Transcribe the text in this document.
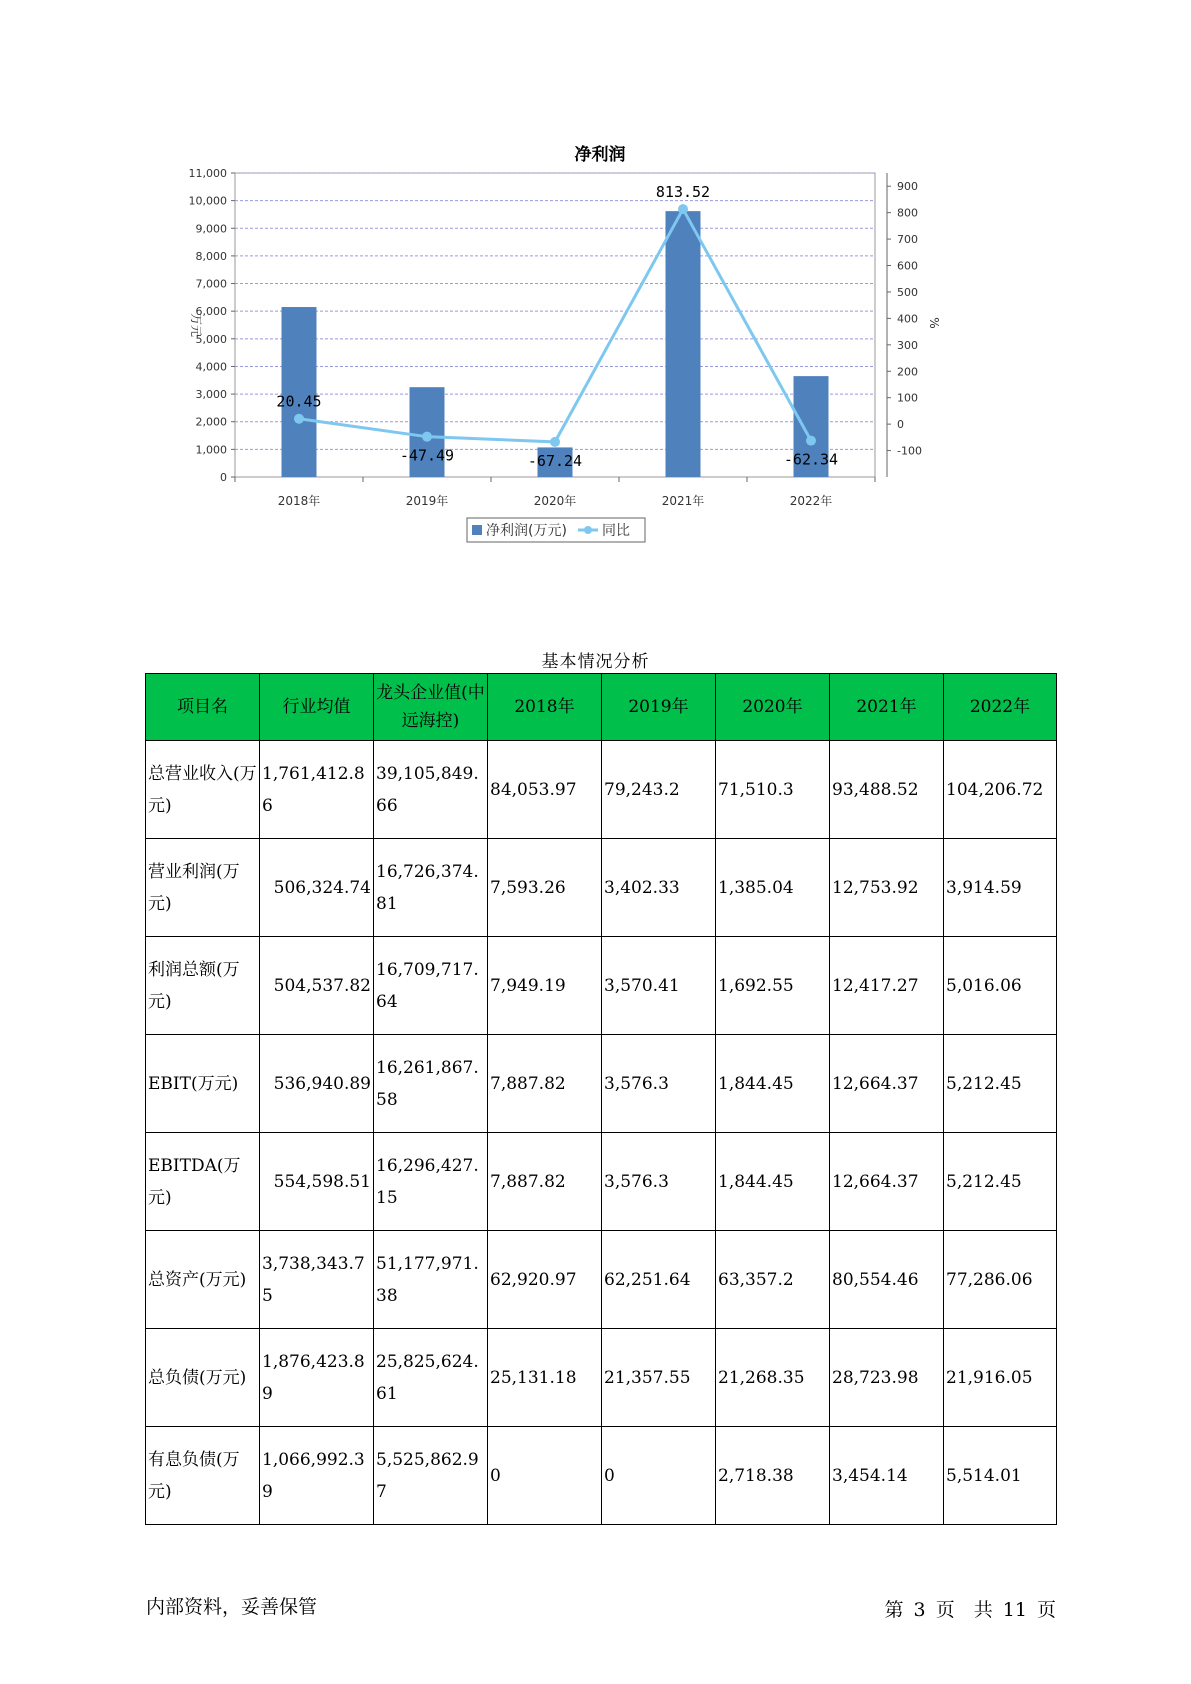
净利润
0
1,000
2,000
3,000
4,000
5,000
6,000
7,000
8,000
9,000
10,000
11,000
-100
0
100
200
300
400
500
600
700
800
900
2018年	2019年	2020年	2021年	2022年
20.45
-47.49	-67.24
813.52
-62.34
万元	%
净利润(万元)	同比
基本情况分析
项目名	行业均值	龙头企业值(中远海控)	2018年	2019年	2020年	2021年	2022年
总营业收入(万元)	1,761,412.86	39,105,849.66	84,053.97	79,243.2	71,510.3	93,488.52	104,206.72
营业利润(万元)	506,324.74	16,726,374.81	7,593.26	3,402.33	1,385.04	12,753.92	3,914.59
利润总额(万元)	504,537.82	16,709,717.64	7,949.19	3,570.41	1,692.55	12,417.27	5,016.06
EBIT(万元)	536,940.89	16,261,867.58	7,887.82	3,576.3	1,844.45	12,664.37	5,212.45
EBITDA(万元)	554,598.51	16,296,427.15	7,887.82	3,576.3	1,844.45	12,664.37	5,212.45
总资产(万元)	3,738,343.75	51,177,971.38	62,920.97	62,251.64	63,357.2	80,554.46	77,286.06
总负债(万元)	1,876,423.89	25,825,624.61	25,131.18	21,357.55	21,268.35	28,723.98	21,916.05
有息负债(万元)	1,066,992.39	5,525,862.97	0	0	2,718.38	3,454.14	5,514.01
内部资料，妥善保管	第 3 页　共 11 页
